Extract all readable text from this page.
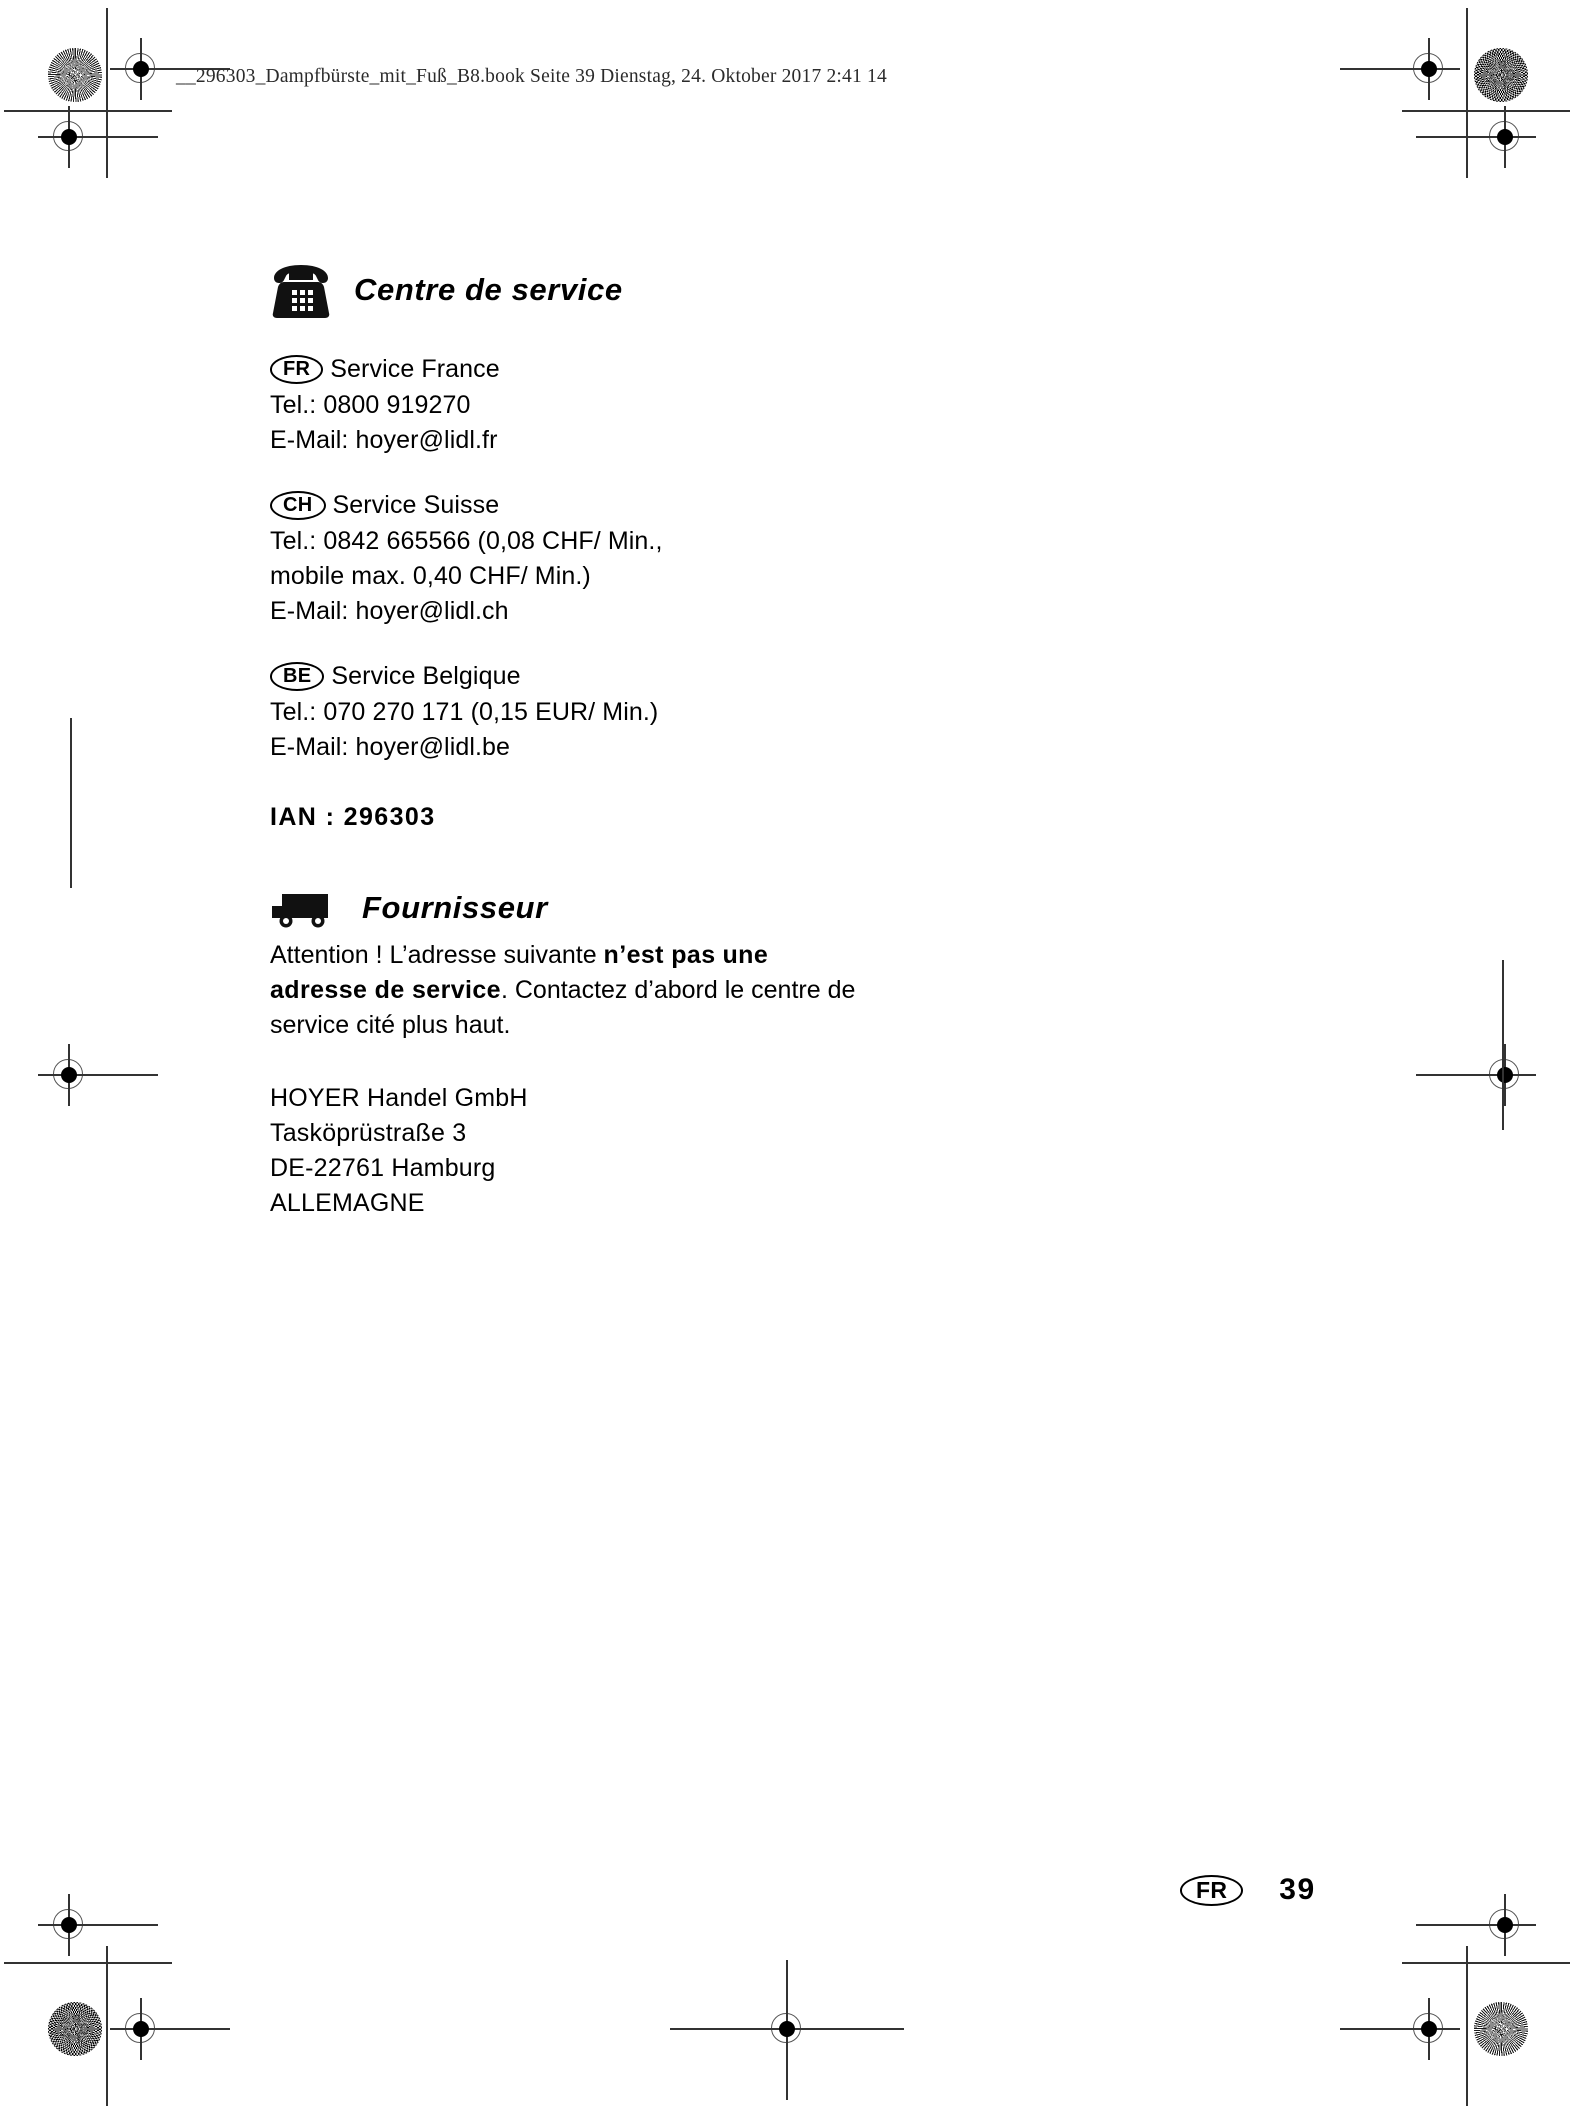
__296303_Dampfbürste_mit_Fuß_B8.book Seite 39 Dienstag, 24. Oktober 2017 2:41 14
Centre de service
FR Service France
Tel.: 0800 919270
E-Mail: hoyer@lidl.fr
CH Service Suisse
Tel.: 0842 665566 (0,08 CHF/ Min.,
mobile max. 0,40 CHF/ Min.)
E-Mail: hoyer@lidl.ch
BE Service Belgique
Tel.: 070 270 171 (0,15 EUR/ Min.)
E-Mail: hoyer@lidl.be
IAN : 296303
Fournisseur

Attention ! L’adresse suivante n’est pas une adresse de service. Contactez d’abord le centre de service cité plus haut.

HOYER Handel GmbH
Tasköprüstraße 3
DE-22761 Hamburg
ALLEMAGNE
FR	39
